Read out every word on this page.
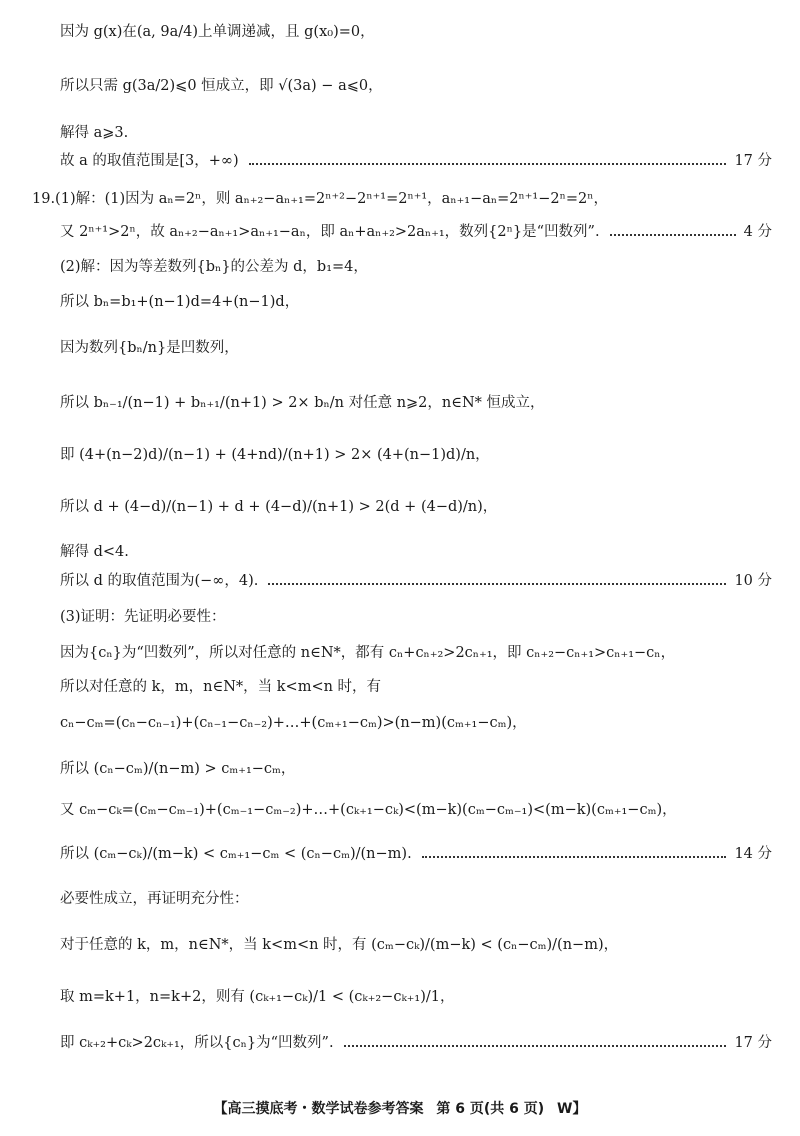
因为 g(x)在(a, 9a/4)上单调递减，且 g(x₀)=0，
所以只需 g(3a/2)⩽0 恒成立，即 √(3a) − a⩽0，
解得 a⩾3.
故 a 的取值范围是[3，+∞)	17 分
19.(1)解：(1)因为 aₙ=2ⁿ，则 aₙ₊₂−aₙ₊₁=2ⁿ⁺²−2ⁿ⁺¹=2ⁿ⁺¹，aₙ₊₁−aₙ=2ⁿ⁺¹−2ⁿ=2ⁿ，
又 2ⁿ⁺¹>2ⁿ，故 aₙ₊₂−aₙ₊₁>aₙ₊₁−aₙ，即 aₙ+aₙ₊₂>2aₙ₊₁，数列{2ⁿ}是“凹数列”.	4 分
(2)解：因为等差数列{bₙ}的公差为 d，b₁=4，
所以 bₙ=b₁+(n−1)d=4+(n−1)d，
因为数列{bₙ/n}是凹数列，
所以 bₙ₋₁/(n−1) + bₙ₊₁/(n+1) > 2× bₙ/n 对任意 n⩾2，n∈N* 恒成立，
即 (4+(n−2)d)/(n−1) + (4+nd)/(n+1) > 2× (4+(n−1)d)/n，
所以 d + (4−d)/(n−1) + d + (4−d)/(n+1) > 2(d + (4−d)/n)，
解得 d<4.
所以 d 的取值范围为(−∞，4).	10 分
(3)证明：先证明必要性：
因为{cₙ}为“凹数列”，所以对任意的 n∈N*，都有 cₙ+cₙ₊₂>2cₙ₊₁，即 cₙ₊₂−cₙ₊₁>cₙ₊₁−cₙ，
所以对任意的 k，m，n∈N*，当 k<m<n 时，有
cₙ−cₘ=(cₙ−cₙ₋₁)+(cₙ₋₁−cₙ₋₂)+…+(cₘ₊₁−cₘ)>(n−m)(cₘ₊₁−cₘ)，
所以 (cₙ−cₘ)/(n−m) > cₘ₊₁−cₘ，
又 cₘ−cₖ=(cₘ−cₘ₋₁)+(cₘ₋₁−cₘ₋₂)+…+(cₖ₊₁−cₖ)<(m−k)(cₘ−cₘ₋₁)<(m−k)(cₘ₊₁−cₘ)，
所以 (cₘ−cₖ)/(m−k) < cₘ₊₁−cₘ < (cₙ−cₘ)/(n−m).	14 分
必要性成立，再证明充分性：
对于任意的 k，m，n∈N*，当 k<m<n 时，有 (cₘ−cₖ)/(m−k) < (cₙ−cₘ)/(n−m)，
取 m=k+1，n=k+2，则有 (cₖ₊₁−cₖ)/1 < (cₖ₊₂−cₖ₊₁)/1，
即 cₖ₊₂+cₖ>2cₖ₊₁，所以{cₙ}为“凹数列”.	17 分
【高三摸底考・数学试卷参考答案 第 6 页(共 6 页) W】
